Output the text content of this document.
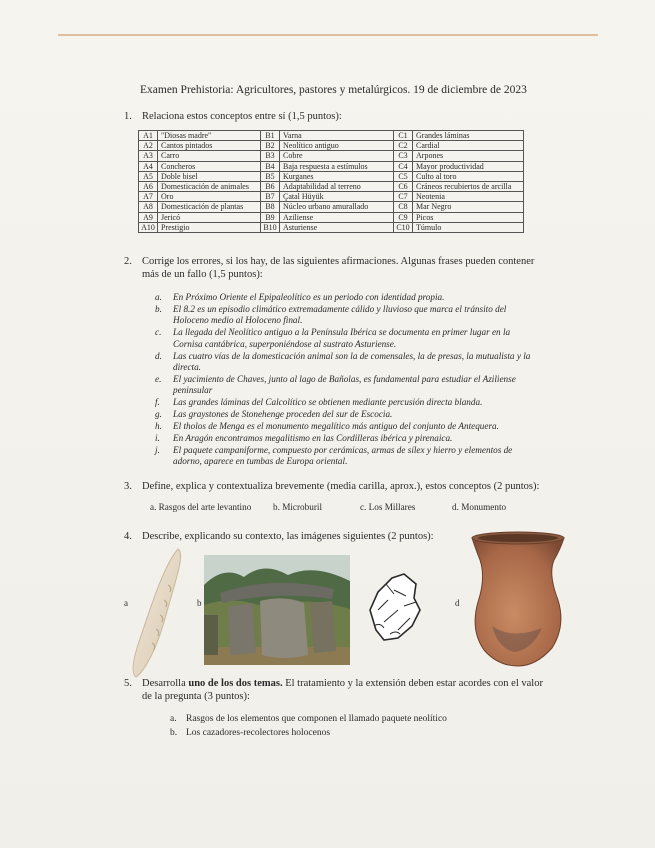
Examen Prehistoria: Agricultores, pastores y metalúrgicos. 19 de diciembre de 2023
1. Relaciona estos conceptos entre sí (1,5 puntos):
A1	"Diosas madre"	B1	Varna	C1	Grandes láminas
A2	Cantos pintados	B2	Neolítico antiguo	C2	Cardial
A3	Carro	B3	Cobre	C3	Arpones
A4	Concheros	B4	Baja respuesta a estímulos	C4	Mayor productividad
A5	Doble bisel	B5	Kurganes	C5	Culto al toro
A6	Domesticación de animales	B6	Adaptabilidad al terreno	C6	Cráneos recubiertos de arcilla
A7	Oro	B7	Çatal Hüyük	C7	Neotenia
A8	Domesticación de plantas	B8	Núcleo urbano amurallado	C8	Mar Negro
A9	Jericó	B9	Aziliense	C9	Picos
A10	Prestigio	B10	Asturiense	C10	Túmulo
2. Corrige los errores, si los hay, de las siguientes afirmaciones. Algunas frases pueden contener
más de un fallo (1,5 puntos):
a. En Próximo Oriente el Epipaleolítico es un periodo con identidad propia.
b. El 8.2 es un episodio climático extremadamente cálido y lluvioso que marca el tránsito del Holoceno medio al Holoceno final.
c. La llegada del Neolítico antiguo a la Península Ibérica se documenta en primer lugar en la Cornisa cantábrica, superponiéndose al sustrato Asturiense.
d. Las cuatro vías de la domesticación animal son la de comensales, la de presas, la mutualista y la directa.
e. El yacimiento de Chaves, junto al lago de Bañolas, es fundamental para estudiar el Aziliense peninsular
f. Las grandes láminas del Calcolítico se obtienen mediante percusión directa blanda.
g. Las graystones de Stonehenge proceden del sur de Escocia.
h. El tholos de Menga es el monumento megalítico más antiguo del conjunto de Antequera.
i. En Aragón encontramos megalitismo en las Cordilleras ibérica y pirenaica.
j. El paquete campaniforme, compuesto por cerámicas, armas de sílex y hierro y elementos de adorno, aparece en tumbas de Europa oriental.
3. Define, explica y contextualiza brevemente (media carilla, aprox.), estos conceptos (2 puntos):
a. Rasgos del arte levantino b. Microburil	c. Los Millares	d. Monumento
4. Describe, explicando su contexto, las imágenes siguientes (2 puntos):
a	b	d
5. Desarrolla uno de los dos temas. El tratamiento y la extensión deben estar acordes con el valor
de la pregunta (3 puntos):
a. Rasgos de los elementos que componen el llamado paquete neolítico
b. Los cazadores-recolectores holocenos
